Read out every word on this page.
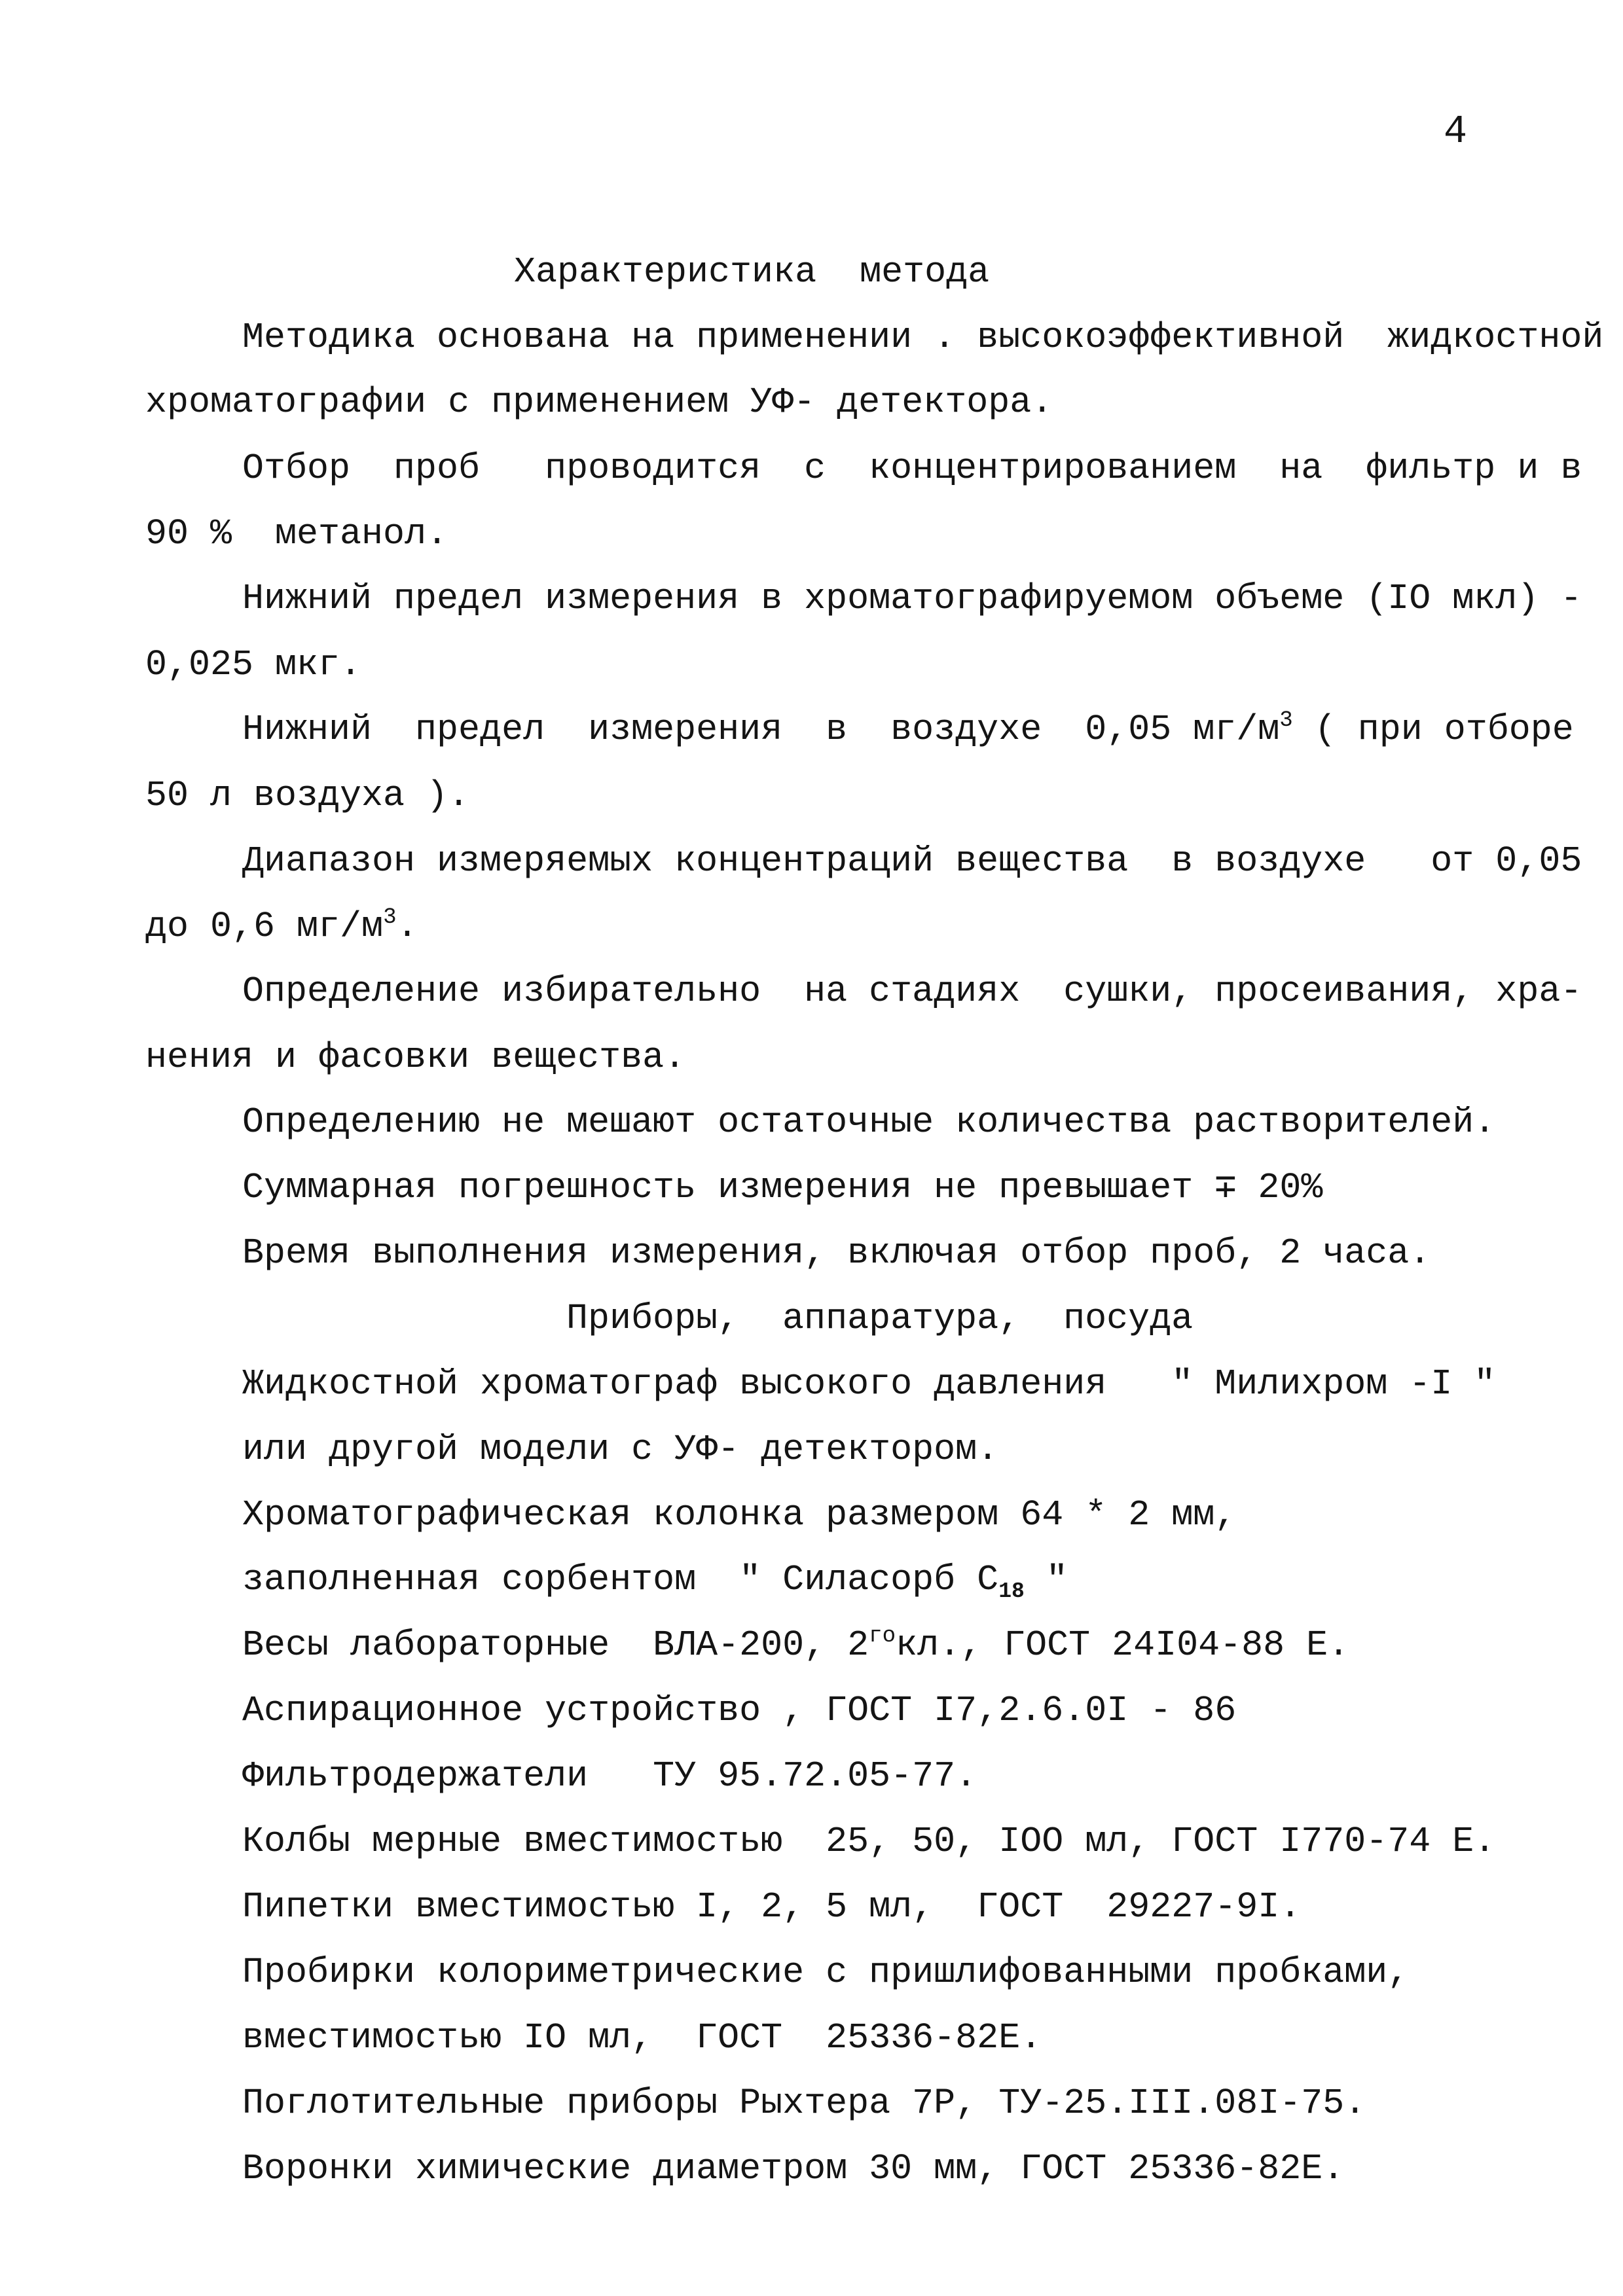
4
Характеристика  метода
Методика основана на применении . высокоэффективной  жидкостной
хроматографии с применением УФ- детектора.
Отбор  проб   проводится  с  концентрированием  на  фильтр и в
90 %  метанол.
Нижний предел измерения в хроматографируемом объеме (IO мкл) -
0,025 мкг.
Нижний  предел  измерения  в  воздухе  0,05 $мг/м^3$ ( при отборе
50 л воздуха ).
Диапазон измеряемых концентраций вещества  в воздухе   от 0,05
до 0,6 $мг/м^3$.
Определение избирательно  на стадиях  сушки, просеивания, хра-
нения и фасовки вещества.
Определению не мешают остаточные количества растворителей.
Суммарная погрешность измерения не превышает ∓ 20%
Время выполнения измерения, включая отбор проб, 2 часа.
Приборы,  аппаратура,  посуда
Жидкостной хроматограф высокого давления   " Милихром -I "
или другой модели с УФ- детектором.
Хроматографическая колонка размером 64 * 2 мм,
заполненная сорбентом  " Силасорб $С_{18}$ "
Весы лабораторные  ВЛА-200, $2^{го}кл$., ГОСТ 24I04-88 Е.
Аспирационное устройство , ГОСТ I7,2.6.0I - 86
Фильтродержатели   ТУ 95.72.05-77.
Колбы мерные вместимостью  25, 50, IOO мл, ГОСТ I770-74 Е.
Пипетки вместимостью I, 2, 5 мл,  ГОСТ  29227-9I.
Пробирки колориметрические с пришлифованными пробками,
вместимостью IO мл,  ГОСТ  25336-82Е.
Поглотительные приборы Рыхтера 7Р, ТУ-25.III.08I-75.
Воронки химические диаметром 30 мм, ГОСТ 25336-82Е.
